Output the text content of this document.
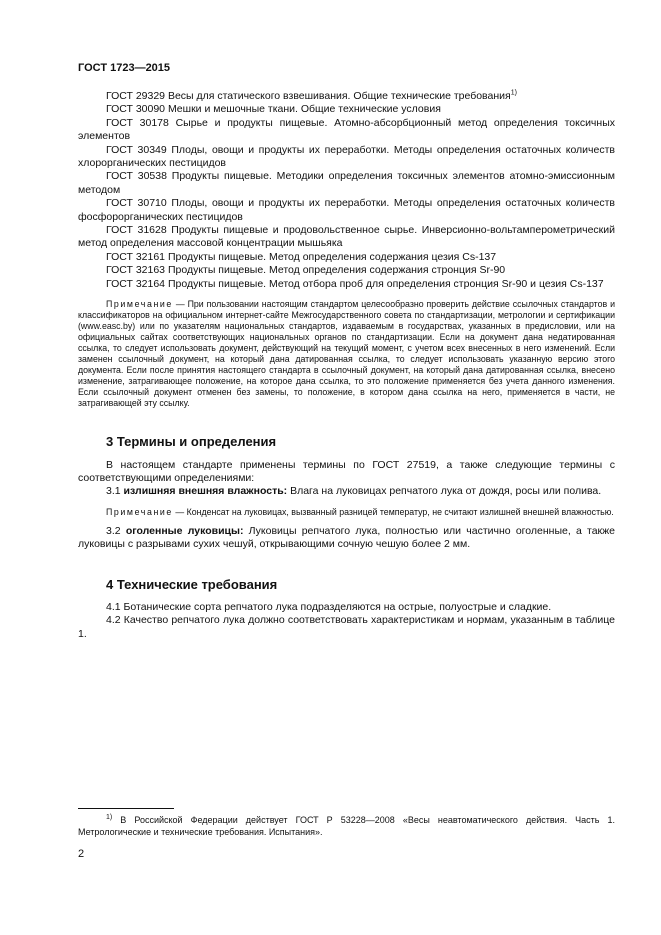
ГОСТ 1723—2015

ГОСТ 29329 Весы для статического взвешивания. Общие технические требования$^{1)}$

ГОСТ 30090 Мешки и мешочные ткани. Общие технические условия

ГОСТ 30178 Сырье и продукты пищевые. Атомно-абсорбционный метод определения токсичных элементов

ГОСТ 30349 Плоды, овощи и продукты их переработки. Методы определения остаточных количеств хлорорганических пестицидов

ГОСТ 30538 Продукты пищевые. Методики определения токсичных элементов атомно-эмиссионным методом

ГОСТ 30710 Плоды, овощи и продукты их переработки. Методы определения остаточных количеств фосфорорганических пестицидов

ГОСТ 31628 Продукты пищевые и продовольственное сырье. Инверсионно-вольтамперометрический метод определения массовой концентрации мышьяка

ГОСТ 32161 Продукты пищевые. Метод определения содержания цезия Cs-137

ГОСТ 32163 Продукты пищевые. Метод определения содержания стронция Sr-90

ГОСТ 32164 Продукты пищевые. Метод отбора проб для определения стронция Sr-90 и цезия Cs-137

Примечание — При пользовании настоящим стандартом целесообразно проверить действие ссылочных стандартов и классификаторов на официальном интернет-сайте Межгосударственного совета по стандартизации, метрологии и сертификации (www.easc.by) или по указателям национальных стандартов, издаваемым в государствах, указанных в предисловии, или на официальных сайтах соответствующих национальных органов по стандартизации. Если на документ дана недатированная ссылка, то следует использовать документ, действующий на текущий момент, с учетом всех внесенных в него изменений. Если заменен ссылочный документ, на который дана датированная ссылка, то следует использовать указанную версию этого документа. Если после принятия настоящего стандарта в ссылочный документ, на который дана датированная ссылка, внесено изменение, затрагивающее положение, на которое дана ссылка, то это положение применяется без учета данного изменения. Если ссылочный документ отменен без замены, то положение, в котором дана ссылка на него, применяется в части, не затрагивающей эту ссылку.

3 Термины и определения

В настоящем стандарте применены термины по ГОСТ 27519, а также следующие термины с соответствующими определениями:

3.1 излишняя внешняя влажность: Влага на луковицах репчатого лука от дождя, росы или полива.

Примечание — Конденсат на луковицах, вызванный разницей температур, не считают излишней внешней влажностью.

3.2 оголенные луковицы: Луковицы репчатого лука, полностью или частично оголенные, а также луковицы с разрывами сухих чешуй, открывающими сочную чешую более 2 мм.

4 Технические требования

4.1 Ботанические сорта репчатого лука подразделяются на острые, полуострые и сладкие.

4.2 Качество репчатого лука должно соответствовать характеристикам и нормам, указанным в таблице 1.

$^{1)}$ В Российской Федерации действует ГОСТ Р 53228—2008 «Весы неавтоматического действия. Часть 1. Метрологические и технические требования. Испытания».
2
